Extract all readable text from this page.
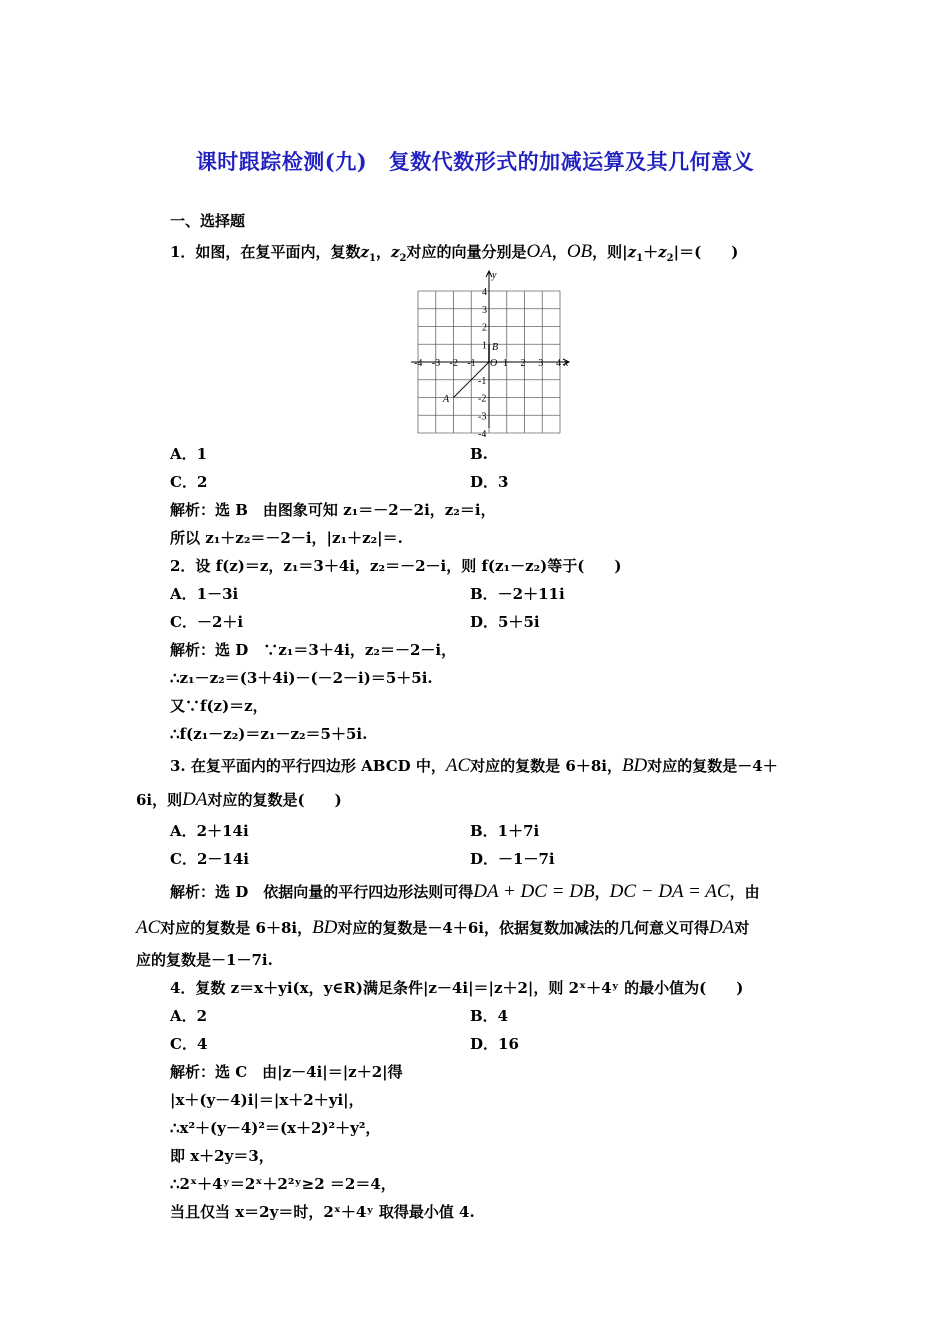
课时跟踪检测(九)　复数代数形式的加减运算及其几何意义
一、选择题
1．如图，在复平面内，复数$z_1$，$z_2$对应的向量分别是OA，OB，则$|z_1+z_2|=$(　　)
-4 -3 -2 -1	1 2 3 4
4
3
2
1
-1
-2
-3
-4
x
y
O
A
B
A．1	B.
C．2	D．3
解析：选 B　由图象可知 z₁＝－2－2i，z₂＝i，
所以 z₁＋z₂＝－2－i，|z₁＋z₂|＝.
2．设 f(z)＝z，z₁＝3＋4i，z₂＝－2－i，则 f(z₁－z₂)等于(　　)
A．1－3i	B．－2＋11i
C．－2＋i	D．5＋5i
解析：选 D　∵z₁＝3＋4i，z₂＝－2－i，
∴z₁－z₂＝(3＋4i)－(－2－i)＝5＋5i.
又∵f(z)＝z，
∴f(z₁－z₂)＝z₁－z₂＝5＋5i.
3. 在复平面内的平行四边形 ABCD 中，AC对应的复数是 6＋8i，BD对应的复数是－4＋
6i，则DA对应的复数是(　　)
A．2＋14i	B．1＋7i
C．2－14i	D．－1－7i
解析：选 D　依据向量的平行四边形法则可得DA + DC = DB，DC − DA = AC，由
AC对应的复数是 6＋8i，BD对应的复数是－4＋6i，依据复数加减法的几何意义可得DA对
应的复数是－1－7i.
4．复数 z＝x＋yi(x，y∈R)满足条件|z－4i|＝|z＋2|，则 2ˣ＋4ʸ 的最小值为(　　)
A．2	B．4
C．4	D．16
解析：选 C　由|z－4i|＝|z＋2|得
|x＋(y－4)i|＝|x＋2＋yi|，
∴x²＋(y－4)²＝(x＋2)²＋y²，
即 x＋2y＝3，
∴2ˣ＋4ʸ＝2ˣ＋2²ʸ≥2 ＝2＝4，
当且仅当 x＝2y＝时，2ˣ＋4ʸ 取得最小值 4.
